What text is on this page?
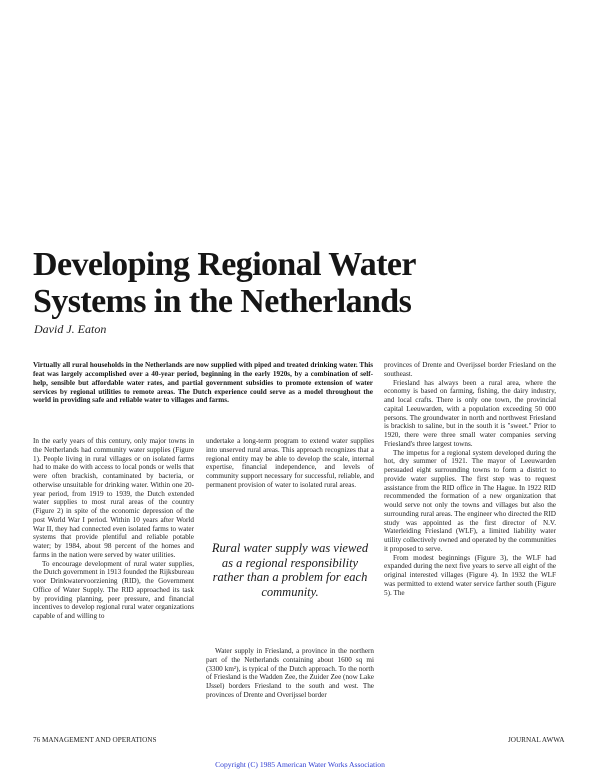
Developing Regional Water
Systems in the Netherlands
David J. Eaton
Virtually all rural households in the Netherlands are now supplied with piped and treated drinking water. This feat was largely accomplished over a 40-year period, beginning in the early 1920s, by a combination of self-help, sensible but affordable water rates, and partial government subsidies to promote extension of water services by regional utilities to remote areas. The Dutch experience could serve as a model throughout the world in providing safe and reliable water to villages and farms.

In the early years of this century, only major towns in the Netherlands had community water supplies (Figure 1). People living in rural villages or on isolated farms had to make do with access to local ponds or wells that were often brackish, contaminated by bacteria, or otherwise unsuitable for drinking water. Within one 20-year period, from 1919 to 1939, the Dutch extended water supplies to most rural areas of the country (Figure 2) in spite of the economic depression of the post World War I period. Within 10 years after World War II, they had connected even isolated farms to water systems that provide plentiful and reliable potable water; by 1984, about 98 percent of the homes and farms in the nation were served by water utilities.

To encourage development of rural water supplies, the Dutch government in 1913 founded the Rijksbureau voor Drinkwatervoorziening (RID), the Government Office of Water Supply. The RID approached its task by providing planning, peer pressure, and financial incentives to develop regional rural water organizations capable of and willing to

undertake a long-term program to extend water supplies into unserved rural areas. This approach recognizes that a regional entity may be able to develop the scale, internal expertise, financial independence, and levels of community support necessary for successful, reliable, and permanent provision of water to isolated rural areas.

Rural water supply was viewed as a regional responsibility rather than a problem for each community.

Water supply in Friesland, a province in the northern part of the Netherlands containing about 1600 sq mi (3300 km²), is typical of the Dutch approach. To the north of Friesland is the Wadden Zee, the Zuider Zee (now Lake IJssel) borders Friesland to the south and west. The provinces of Drente and Overijssel border

provinces of Drente and Overijssel border Friesland on the southeast.

Friesland has always been a rural area, where the economy is based on farming, fishing, the dairy industry, and local crafts. There is only one town, the provincial capital Leeuwarden, with a population exceeding 50 000 persons. The groundwater in north and northwest Friesland is brackish to saline, but in the south it is "sweet." Prior to 1920, there were three small water companies serving Friesland's three largest towns.

The impetus for a regional system developed during the hot, dry summer of 1921. The mayor of Leeuwarden persuaded eight surrounding towns to form a district to provide water supplies. The first step was to request assistance from the RID office in The Hague. In 1922 RID recommended the formation of a new organization that would serve not only the towns and villages but also the surrounding rural areas. The engineer who directed the RID study was appointed as the first director of N.V. Waterleiding Friesland (WLF), a limited liability water utility collectively owned and operated by the communities it proposed to serve.

From modest beginnings (Figure 3), the WLF had expanded during the next five years to serve all eight of the original interested villages (Figure 4). In 1932 the WLF was permitted to extend water service farther south (Figure 5). The

76 MANAGEMENT AND OPERATIONS	JOURNAL AWWA
Copyright (C) 1985 American Water Works Association
